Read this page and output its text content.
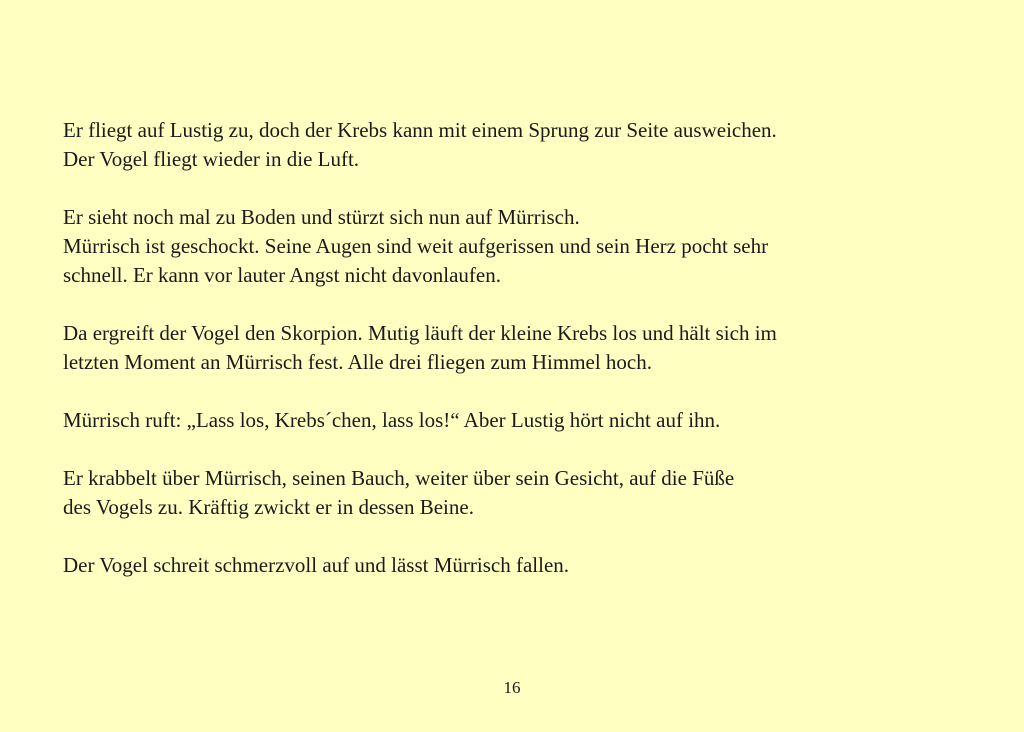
Er fliegt auf Lustig zu, doch der Krebs kann mit einem Sprung zur Seite ausweichen.
Der Vogel fliegt wieder in die Luft.

Er sieht noch mal zu Boden und stürzt sich nun auf Mürrisch.
Mürrisch ist geschockt. Seine Augen sind weit aufgerissen und sein Herz pocht sehr
schnell. Er kann vor lauter Angst nicht davonlaufen.

Da ergreift der Vogel den Skorpion. Mutig läuft der kleine Krebs los und hält sich im
letzten Moment an Mürrisch fest. Alle drei fliegen zum Himmel hoch.

Mürrisch ruft: „Lass los, Krebs´chen, lass los!“ Aber Lustig hört nicht auf ihn.

Er krabbelt über Mürrisch, seinen Bauch, weiter über sein Gesicht, auf die Füße
des Vogels zu. Kräftig zwickt er in dessen Beine.

Der Vogel schreit schmerzvoll auf und lässt Mürrisch fallen.

16
